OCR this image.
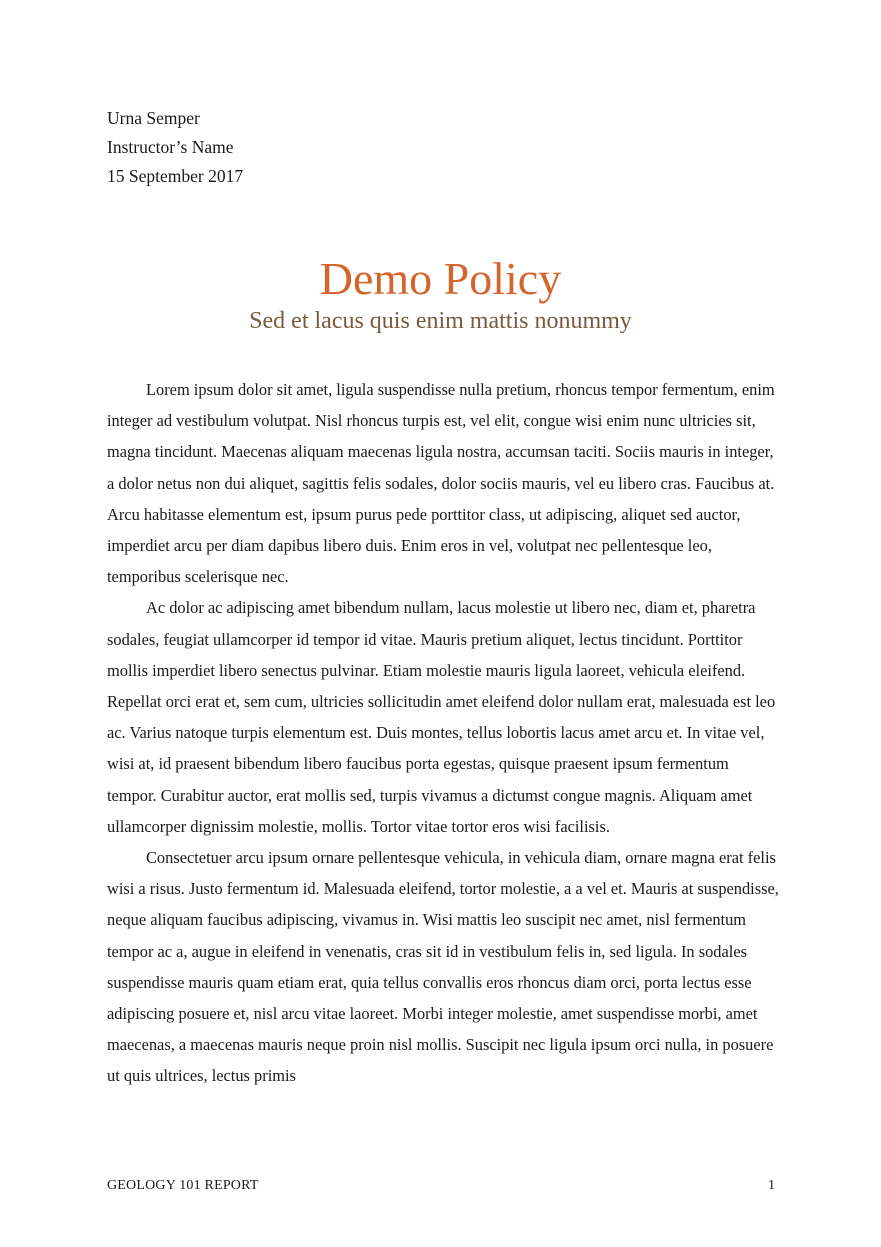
Urna Semper
Instructor’s Name
15 September 2017
Demo Policy
Sed et lacus quis enim mattis nonummy

Lorem ipsum dolor sit amet, ligula suspendisse nulla pretium, rhoncus tempor fermentum, enim integer ad vestibulum volutpat. Nisl rhoncus turpis est, vel elit, congue wisi enim nunc ultricies sit, magna tincidunt. Maecenas aliquam maecenas ligula nostra, accumsan taciti. Sociis mauris in integer, a dolor netus non dui aliquet, sagittis felis sodales, dolor sociis mauris, vel eu libero cras. Faucibus at. Arcu habitasse elementum est, ipsum purus pede porttitor class, ut adipiscing, aliquet sed auctor, imperdiet arcu per diam dapibus libero duis. Enim eros in vel, volutpat nec pellentesque leo, temporibus scelerisque nec.

Ac dolor ac adipiscing amet bibendum nullam, lacus molestie ut libero nec, diam et, pharetra sodales, feugiat ullamcorper id tempor id vitae. Mauris pretium aliquet, lectus tincidunt. Porttitor mollis imperdiet libero senectus pulvinar. Etiam molestie mauris ligula laoreet, vehicula eleifend. Repellat orci erat et, sem cum, ultricies sollicitudin amet eleifend dolor nullam erat, malesuada est leo ac. Varius natoque turpis elementum est. Duis montes, tellus lobortis lacus amet arcu et. In vitae vel, wisi at, id praesent bibendum libero faucibus porta egestas, quisque praesent ipsum fermentum tempor. Curabitur auctor, erat mollis sed, turpis vivamus a dictumst congue magnis. Aliquam amet ullamcorper dignissim molestie, mollis. Tortor vitae tortor eros wisi facilisis.

Consectetuer arcu ipsum ornare pellentesque vehicula, in vehicula diam, ornare magna erat felis wisi a risus. Justo fermentum id. Malesuada eleifend, tortor molestie, a a vel et. Mauris at suspendisse, neque aliquam faucibus adipiscing, vivamus in. Wisi mattis leo suscipit nec amet, nisl fermentum tempor ac a, augue in eleifend in venenatis, cras sit id in vestibulum felis in, sed ligula. In sodales suspendisse mauris quam etiam erat, quia tellus convallis eros rhoncus diam orci, porta lectus esse adipiscing posuere et, nisl arcu vitae laoreet. Morbi integer molestie, amet suspendisse morbi, amet maecenas, a maecenas mauris neque proin nisl mollis. Suscipit nec ligula ipsum orci nulla, in posuere ut quis ultrices, lectus primis

GEOLOGY 101 REPORT	1
